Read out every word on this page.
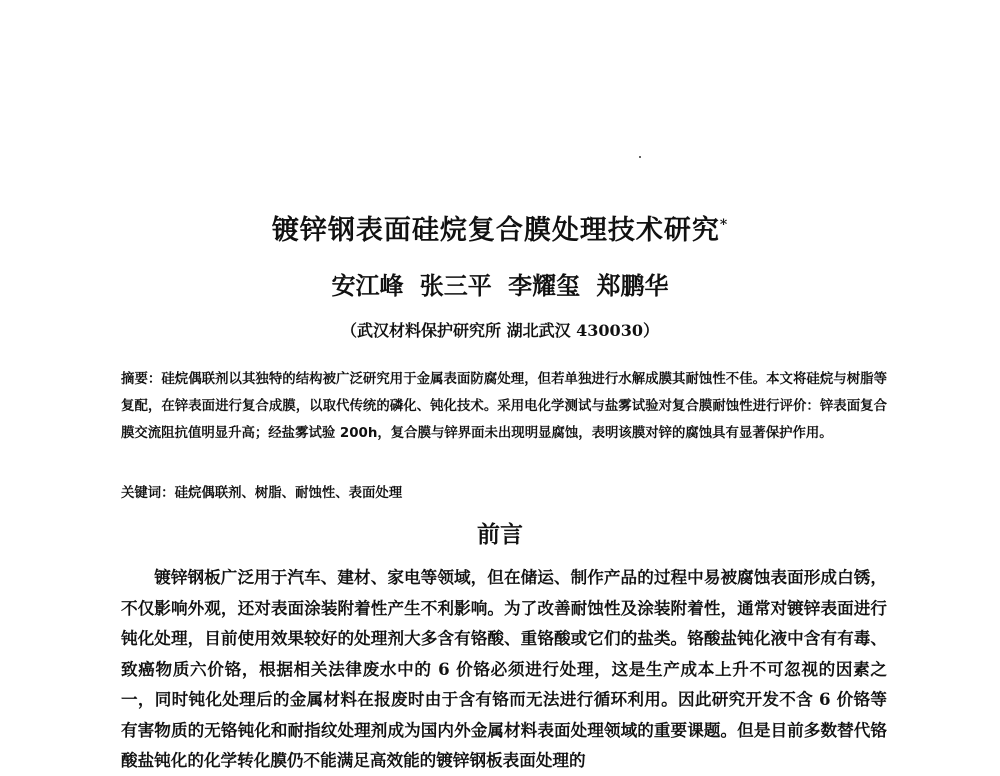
镀锌钢表面硅烷复合膜处理技术研究*
安江峰 张三平 李耀玺 郑鹏华
（武汉材料保护研究所 湖北武汉 430030）
摘要：硅烷偶联剂以其独特的结构被广泛研究用于金属表面防腐处理，但若单独进行水解成膜其耐蚀性不佳。本文将硅烷与树脂等复配，在锌表面进行复合成膜，以取代传统的磷化、钝化技术。采用电化学测试与盐雾试验对复合膜耐蚀性进行评价：锌表面复合膜交流阻抗值明显升高；经盐雾试验 200h，复合膜与锌界面未出现明显腐蚀，表明该膜对锌的腐蚀具有显著保护作用。
关键词：硅烷偶联剂、树脂、耐蚀性、表面处理
前言
镀锌钢板广泛用于汽车、建材、家电等领域，但在储运、制作产品的过程中易被腐蚀表面形成白锈，不仅影响外观，还对表面涂装附着性产生不利影响。为了改善耐蚀性及涂装附着性，通常对镀锌表面进行钝化处理，目前使用效果较好的处理剂大多含有铬酸、重铬酸或它们的盐类。铬酸盐钝化液中含有有毒、致癌物质六价铬，根据相关法律废水中的 6 价铬必须进行处理，这是生产成本上升不可忽视的因素之一，同时钝化处理后的金属材料在报废时由于含有铬而无法进行循环利用。因此研究开发不含 6 价铬等有害物质的无铬钝化和耐指纹处理剂成为国内外金属材料表面处理领域的重要课题。但是目前多数替代铬酸盐钝化的化学转化膜仍不能满足高效能的镀锌钢板表面处理的
